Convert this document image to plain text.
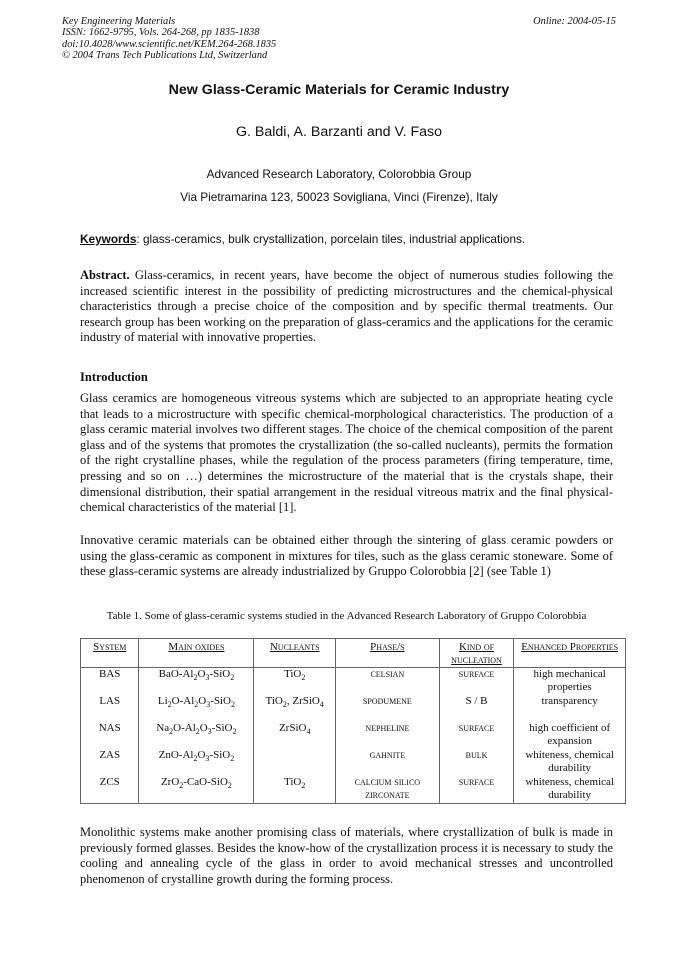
Key Engineering Materials
ISSN: 1662-9795, Vols. 264-268, pp 1835-1838
doi:10.4028/www.scientific.net/KEM.264-268.1835
© 2004 Trans Tech Publications Ltd, Switzerland
Online: 2004-05-15
New Glass-Ceramic Materials for Ceramic Industry
G. Baldi, A. Barzanti and V. Faso
Advanced Research Laboratory, Colorobbia Group
Via Pietramarina 123, 50023 Sovigliana, Vinci (Firenze), Italy
Keywords: glass-ceramics, bulk crystallization, porcelain tiles, industrial applications.
Abstract. Glass-ceramics, in recent years, have become the object of numerous studies following the increased scientific interest in the possibility of predicting microstructures and the chemical-physical characteristics through a precise choice of the composition and by specific thermal treatments. Our research group has been working on the preparation of glass-ceramics and the applications for the ceramic industry of material with innovative properties.
Introduction
Glass ceramics are homogeneous vitreous systems which are subjected to an appropriate heating cycle that leads to a microstructure with specific chemical-morphological characteristics. The production of a glass ceramic material involves two different stages. The choice of the chemical composition of the parent glass and of the systems that promotes the crystallization (the so-called nucleants), permits the formation of the right crystalline phases, while the regulation of the process parameters (firing temperature, time, pressing and so on …) determines the microstructure of the material that is the crystals shape, their dimensional distribution, their spatial arrangement in the residual vitreous matrix and the final physical-chemical characteristics of the material [1].
Innovative ceramic materials can be obtained either through the sintering of glass ceramic powders or using the glass-ceramic as component in mixtures for tiles, such as the glass ceramic stoneware. Some of these glass-ceramic systems are already industrialized by Gruppo Colorobbia [2] (see Table 1)
Table 1. Some of glass-ceramic systems studied in the Advanced Research Laboratory of Gruppo Colorobbia
System	Main oxides	Nucleants	Phase/s	Kind of nucleation	Enhanced Properties
BAS	BaO-$Al_2O_3-SiO_2$	TiO$_2$	celsian	surface	high mechanical properties
LAS	$Li_2O-Al_2O_3-SiO_2$	TiO$_2$, ZrSiO$_4$	spodumene	S / B	transparency
NAS	$Na_2O-Al_2O_3-SiO_2$	ZrSiO$_4$	nepheline	surface	high coefficient of expansion
ZAS	ZnO-$Al_2O_3-SiO_2$		gahnite	bulk	whiteness, chemical durability
ZCS	ZrO$_2$-CaO-SiO$_2$	TiO$_2$	calcium silico zirconate	surface	whiteness, chemical durability
Monolithic systems make another promising class of materials, where crystallization of bulk is made in previously formed glasses. Besides the know-how of the crystallization process it is necessary to study the cooling and annealing cycle of the glass in order to avoid mechanical stresses and uncontrolled phenomenon of crystalline growth during the forming process.
